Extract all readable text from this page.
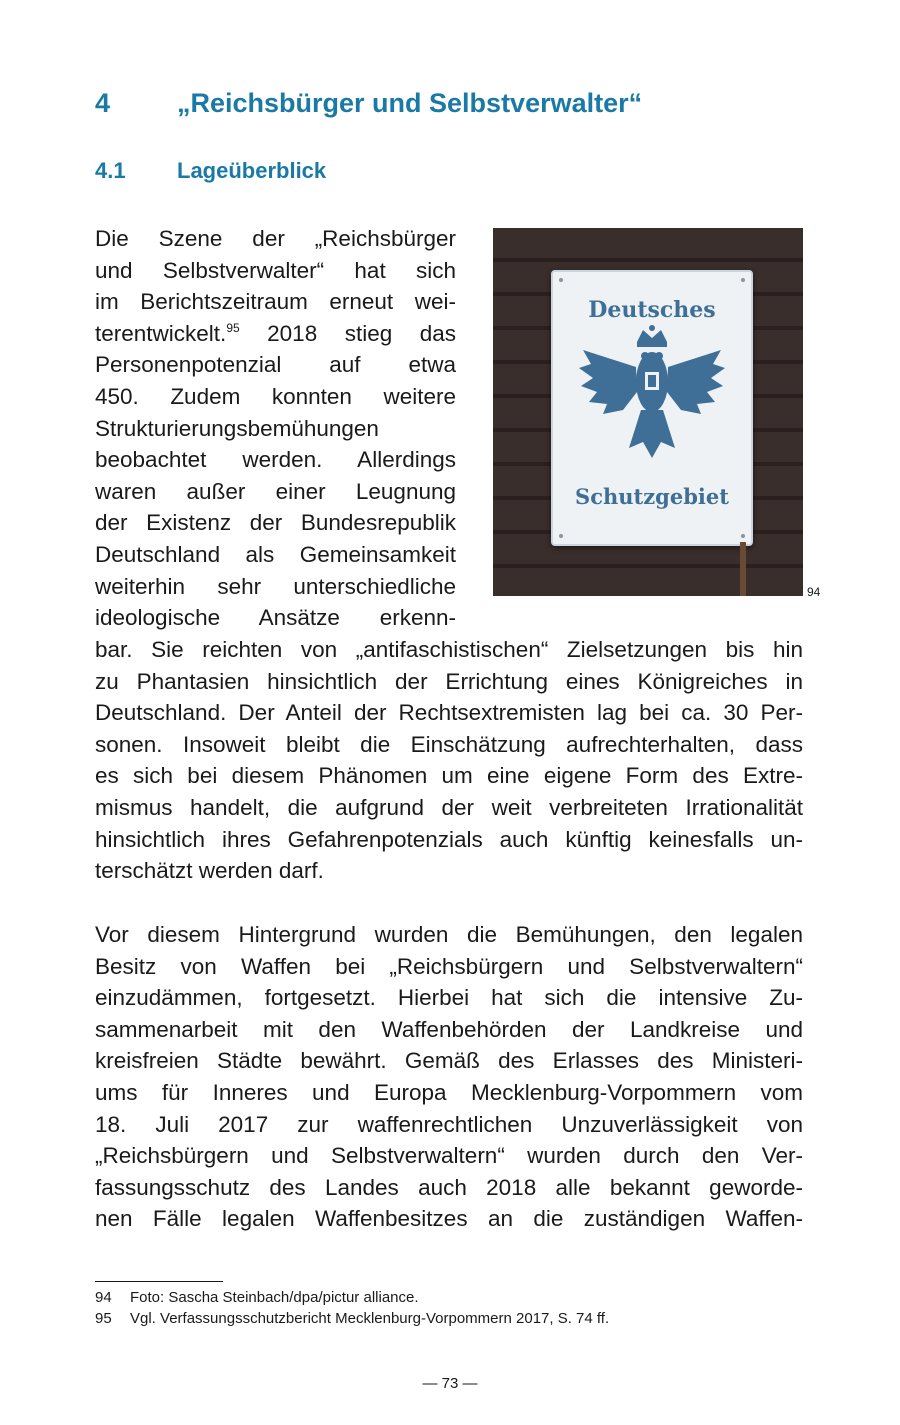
4 „Reichsbürger und Selbstverwalter“
4.1 Lageüberblick
Deutsches
Schutzgebiet
94
Die Szene der „Reichsbürger
und Selbstverwalter“ hat sich
im Berichtszeitraum erneut wei-
terentwickelt.$^{95}$ 2018 stieg das
Personenpotenzial auf etwa
450. Zudem konnten weitere
Strukturierungsbemühungen
beobachtet werden. Allerdings
waren außer einer Leugnung
der Existenz der Bundesrepublik
Deutschland als Gemeinsamkeit
weiterhin sehr unterschiedliche
ideologische Ansätze erkenn-
bar. Sie reichten von „antifaschistischen“ Zielsetzungen bis hin
zu Phantasien hinsichtlich der Errichtung eines Königreiches in
Deutschland. Der Anteil der Rechtsextremisten lag bei ca. 30 Per-
sonen. Insoweit bleibt die Einschätzung aufrechterhalten, dass
es sich bei diesem Phänomen um eine eigene Form des Extre-
mismus handelt, die aufgrund der weit verbreiteten Irrationalität
hinsichtlich ihres Gefahrenpotenzials auch künftig keinesfalls un-
terschätzt werden darf.
Vor diesem Hintergrund wurden die Bemühungen, den legalen
Besitz von Waffen bei „Reichsbürgern und Selbstverwaltern“
einzudämmen, fortgesetzt. Hierbei hat sich die intensive Zu-
sammenarbeit mit den Waffenbehörden der Landkreise und
kreisfreien Städte bewährt. Gemäß des Erlasses des Ministeri-
ums für Inneres und Europa Mecklenburg-Vorpommern vom
18. Juli 2017 zur waffenrechtlichen Unzuverlässigkeit von
„Reichsbürgern und Selbstverwaltern“ wurden durch den Ver-
fassungsschutz des Landes auch 2018 alle bekannt geworde-
nen Fälle legalen Waffenbesitzes an die zuständigen Waffen-
94 Foto: Sascha Steinbach/dpa/pictur alliance.
95 Vgl. Verfassungsschutzbericht Mecklenburg-Vorpommern 2017, S. 74 ff.
— 73 —
